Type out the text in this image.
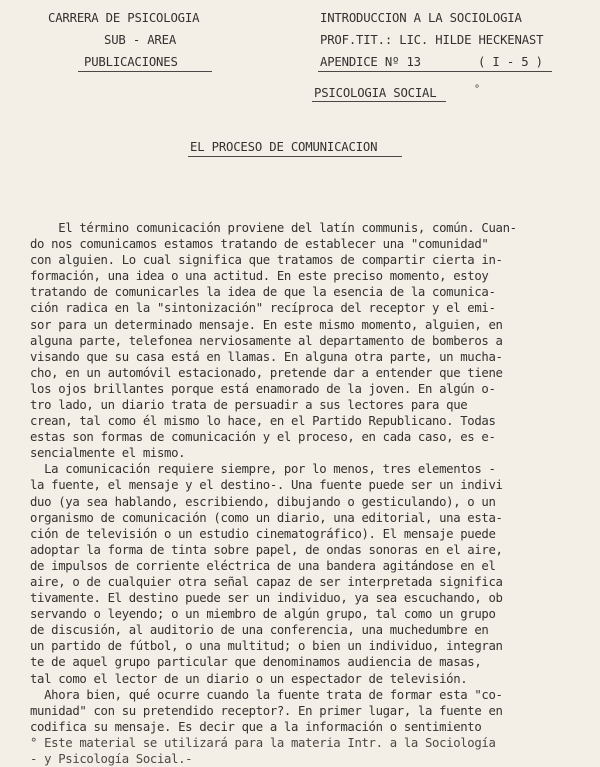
CARRERA DE PSICOLOGIA
SUB - AREA
PUBLICACIONES
INTRODUCCION A LA SOCIOLOGIA
PROF.TIT.: LIC. HILDE HECKENAST
APENDICE Nº 13	( I - 5 )
PSICOLOGIA SOCIAL	°
EL PROCESO DE COMUNICACION
El término comunicación proviene del latín communis, común. Cuan-
do nos comunicamos estamos tratando de establecer una "comunidad"
con alguien. Lo cual significa que tratamos de compartir cierta in-
formación, una idea o una actitud. En este preciso momento, estoy
tratando de comunicarles la idea de que la esencia de la comunica-
ción radica en la "sintonización" recíproca del receptor y el emi-
sor para un determinado mensaje. En este mismo momento, alguien, en
alguna parte, telefonea nerviosamente al departamento de bomberos a
visando que su casa está en llamas. En alguna otra parte, un mucha-
cho, en un automóvil estacionado, pretende dar a entender que tiene
los ojos brillantes porque está enamorado de la joven. En algún o-
tro lado, un diario trata de persuadir a sus lectores para que
crean, tal como él mismo lo hace, en el Partido Republicano. Todas
estas son formas de comunicación y el proceso, en cada caso, es e-
sencialmente el mismo.
La comunicación requiere siempre, por lo menos, tres elementos -
la fuente, el mensaje y el destino-. Una fuente puede ser un indivi
duo (ya sea hablando, escribiendo, dibujando o gesticulando), o un
organismo de comunicación (como un diario, una editorial, una esta-
ción de televisión o un estudio cinematográfico). El mensaje puede
adoptar la forma de tinta sobre papel, de ondas sonoras en el aire,
de impulsos de corriente eléctrica de una bandera agitándose en el
aire, o de cualquier otra señal capaz de ser interpretada significa
tivamente. El destino puede ser un individuo, ya sea escuchando, ob
servando o leyendo; o un miembro de algún grupo, tal como un grupo
de discusión, al auditorio de una conferencia, una muchedumbre en
un partido de fútbol, o una multitud; o bien un individuo, integran
te de aquel grupo particular que denominamos audiencia de masas,
tal como el lector de un diario o un espectador de televisión.
Ahora bien, qué ocurre cuando la fuente trata de formar esta "co-
munidad" con su pretendido receptor?. En primer lugar, la fuente en
codifica su mensaje. Es decir que a la información o sentimiento
° Este material se utilizará para la materia Intr. a la Sociología
- y Psicología Social.-
